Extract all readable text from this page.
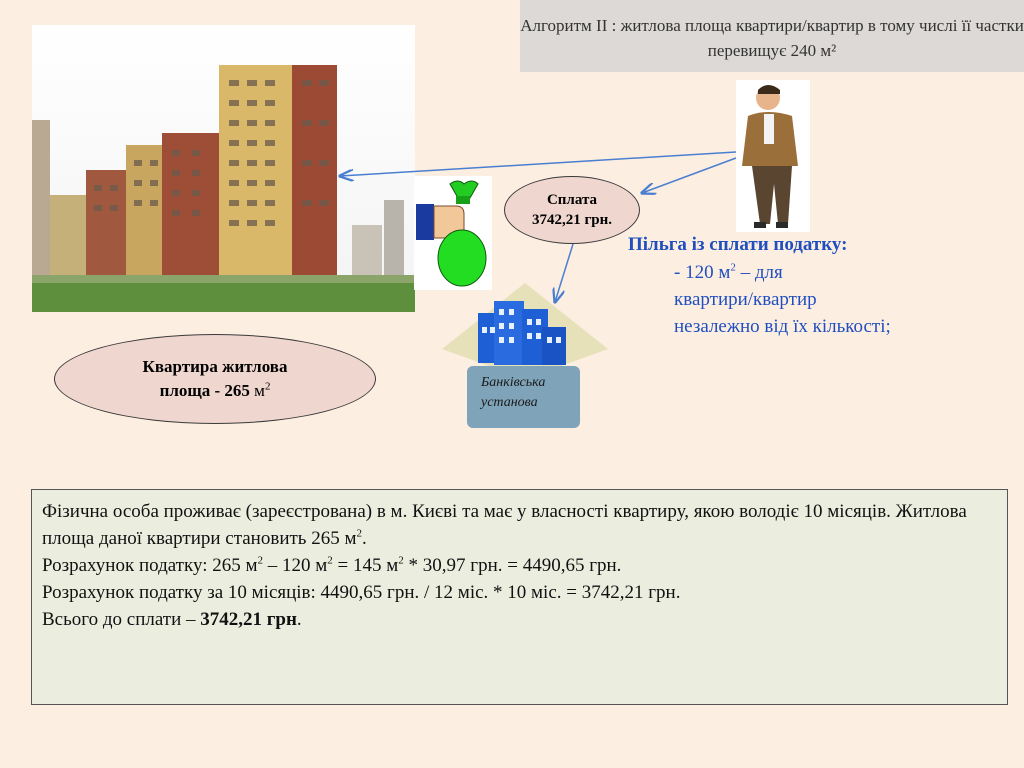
Алгоритм II : житлова площа квартири/квартир в тому числі її частки перевищує 240 м²
Сплата
3742,21 грн.
Банківська
установа
Пільга із сплати податку:
- 120 $м^2$ – для
квартири/квартир
незалежно від їх кількості;
Квартира житлова
площа - 265 $м^2$
Фізична особа проживає (зареєстрована) в м. Києві та має у власності квартиру, якою володіє 10 місяців. Житлова площа даної квартири становить 265 $м^2$.
Розрахунок податку: 265 $м^2 - 120$ $м^2 = 145$ $м^2 * 30,97$ грн. = 4490,65 грн.
Розрахунок податку за 10 місяців: 4490,65 грн. / 12 міс. * 10 міс. = 3742,21 грн.
Всього до сплати – 3742,21 грн.
